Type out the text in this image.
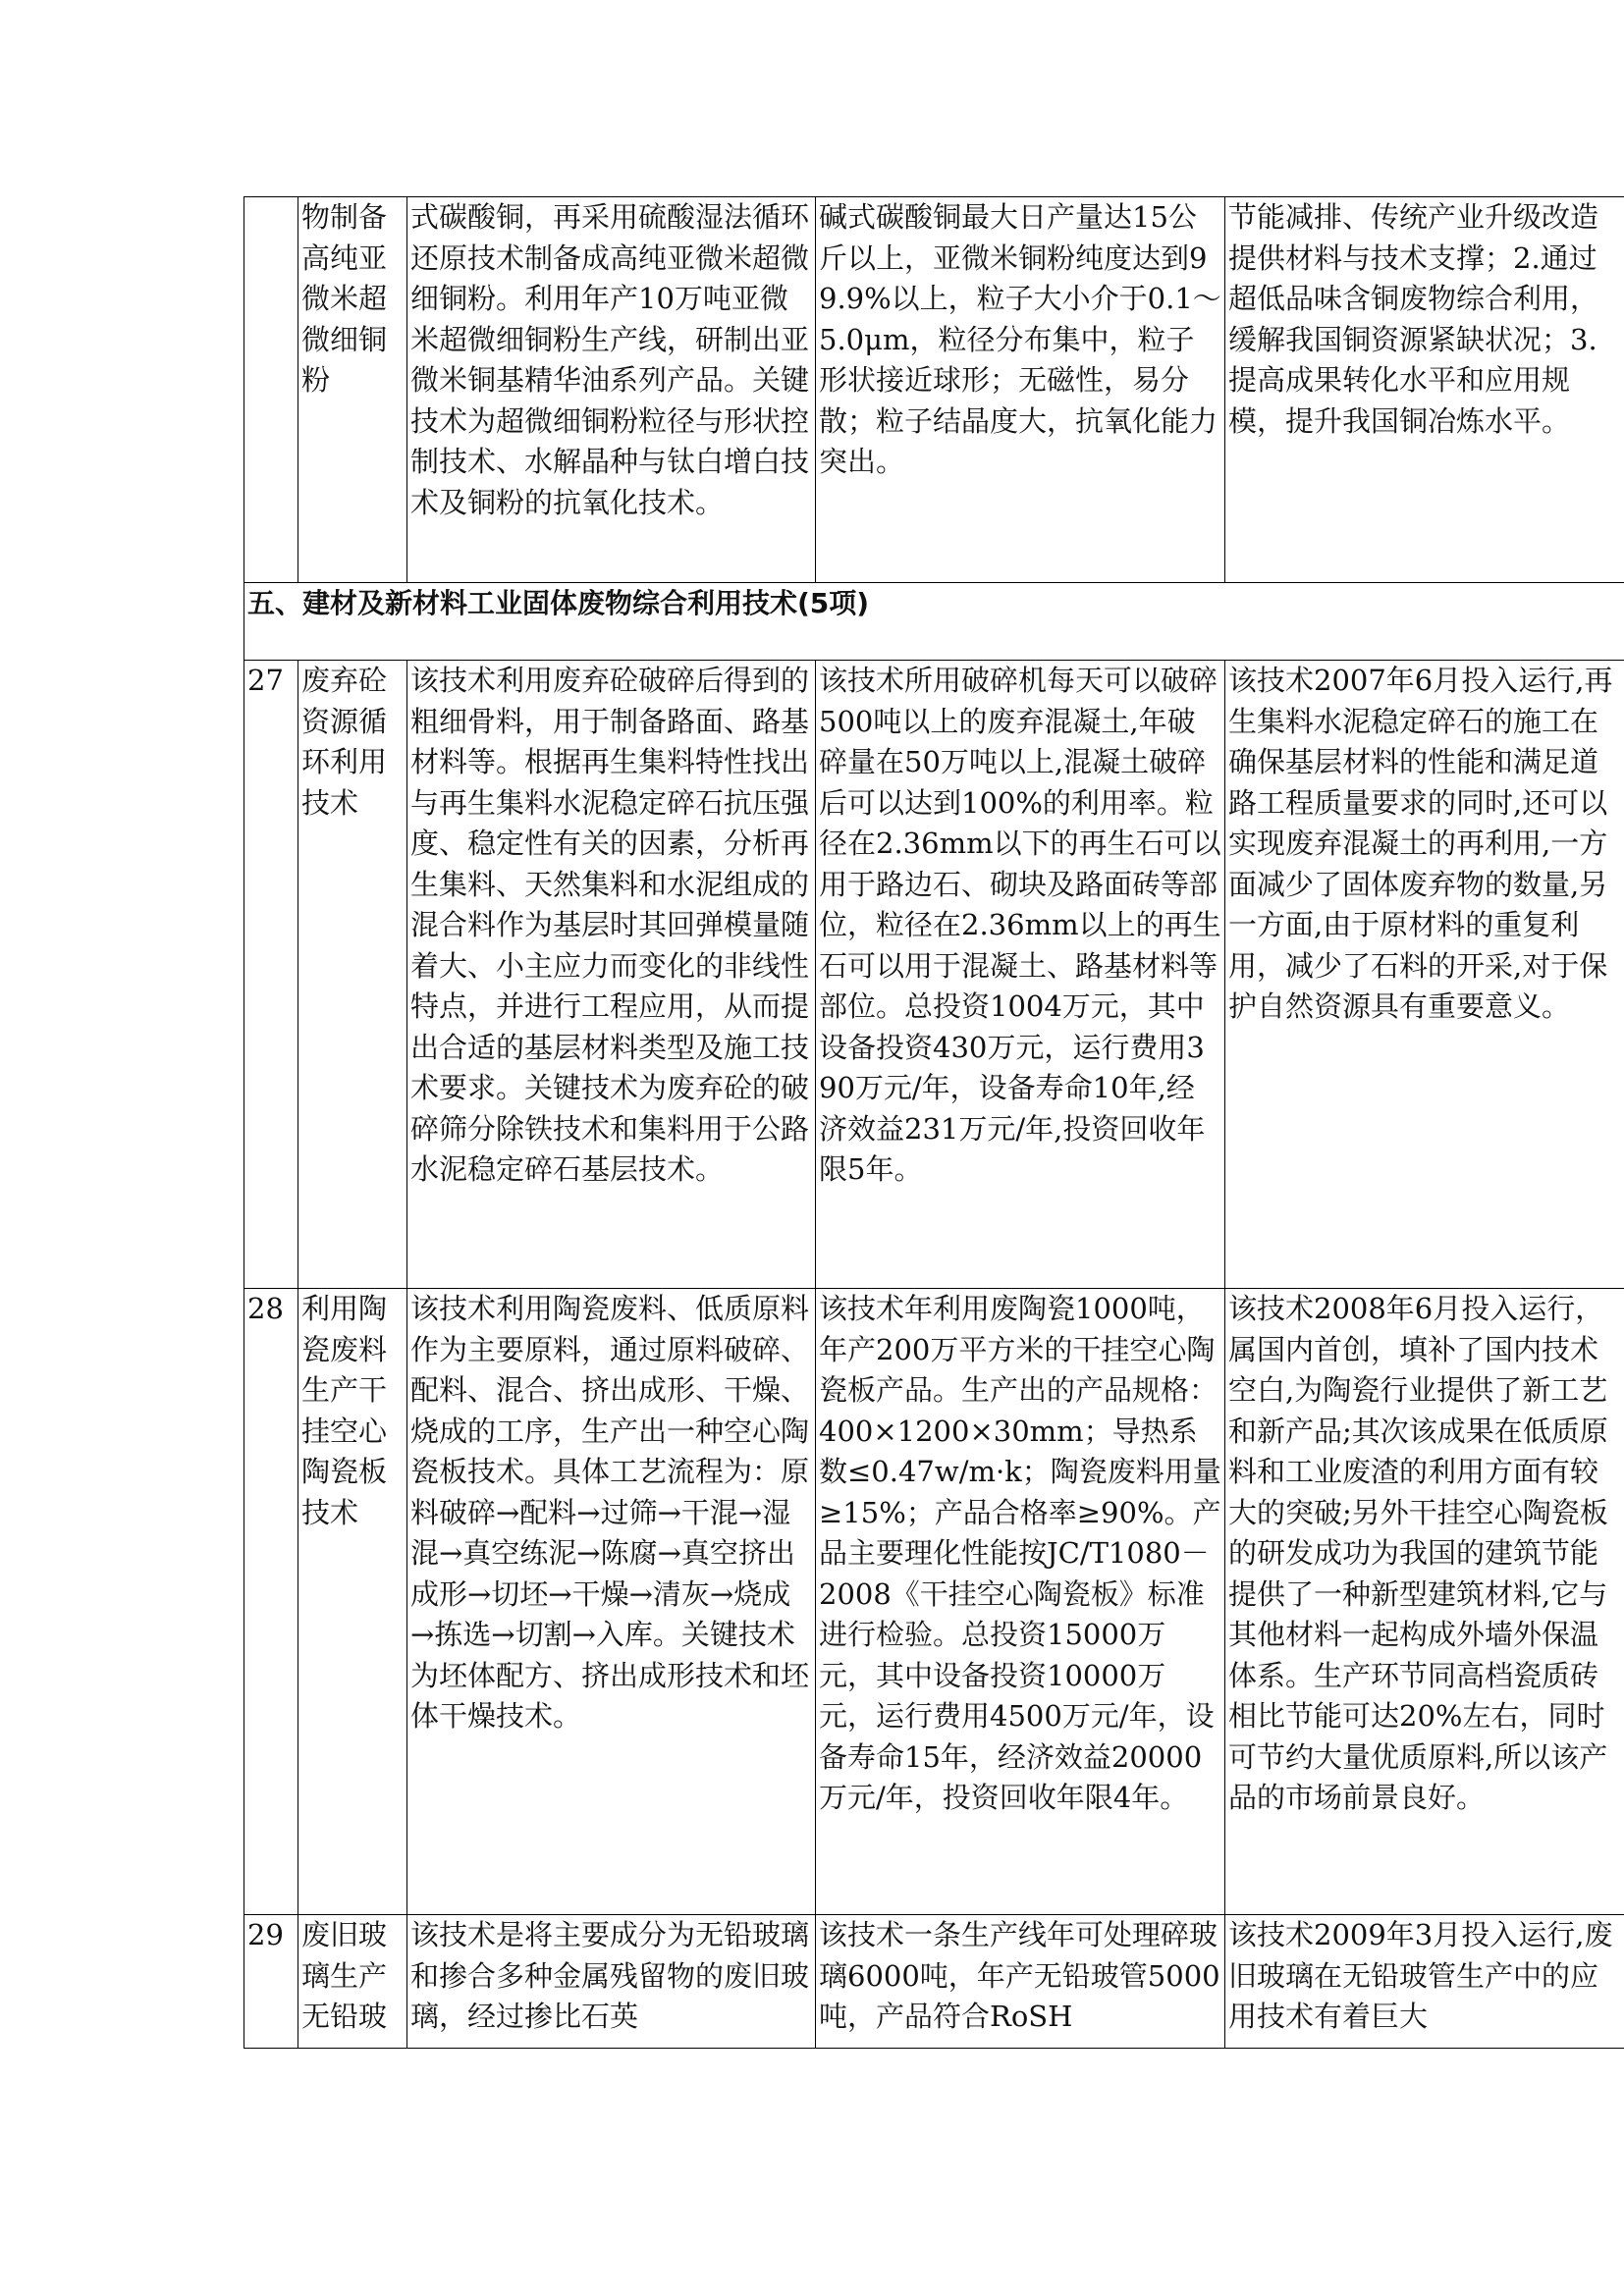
	物制备高纯亚微米超微细铜粉	式碳酸铜，再采用硫酸湿法循环还原技术制备成高纯亚微米超微细铜粉。利用年产10万吨亚微米超微细铜粉生产线，研制出亚微米铜基精华油系列产品。关键技术为超微细铜粉粒径与形状控制技术、水解晶种与钛白增白技术及铜粉的抗氧化技术。	碱式碳酸铜最大日产量达15公斤以上，亚微米铜粉纯度达到99.9%以上，粒子大小介于0.1～5.0μm，粒径分布集中，粒子形状接近球形；无磁性，易分散；粒子结晶度大，抗氧化能力突出。	节能减排、传统产业升级改造提供材料与技术支撑；2.通过超低品味含铜废物综合利用，缓解我国铜资源紧缺状况；3.提高成果转化水平和应用规模，提升我国铜冶炼水平。
五、建材及新材料工业固体废物综合利用技术(5项)				
27	废弃砼资源循环利用技术	该技术利用废弃砼破碎后得到的粗细骨料，用于制备路面、路基材料等。根据再生集料特性找出与再生集料水泥稳定碎石抗压强度、稳定性有关的因素，分析再生集料、天然集料和水泥组成的混合料作为基层时其回弹模量随着大、小主应力而变化的非线性特点，并进行工程应用，从而提出合适的基层材料类型及施工技术要求。关键技术为废弃砼的破碎筛分除铁技术和集料用于公路水泥稳定碎石基层技术。	该技术所用破碎机每天可以破碎500吨以上的废弃混凝土,年破碎量在50万吨以上,混凝土破碎后可以达到100%的利用率。粒径在2.36mm以下的再生石可以用于路边石、砌块及路面砖等部位，粒径在2.36mm以上的再生石可以用于混凝土、路基材料等部位。总投资1004万元，其中设备投资430万元，运行费用390万元/年，设备寿命10年,经济效益231万元/年,投资回收年限5年。	该技术2007年6月投入运行,再生集料水泥稳定碎石的施工在确保基层材料的性能和满足道路工程质量要求的同时,还可以实现废弃混凝土的再利用,一方面减少了固体废弃物的数量,另一方面,由于原材料的重复利用，减少了石料的开采,对于保护自然资源具有重要意义。
28	利用陶瓷废料生产干挂空心陶瓷板技术	该技术利用陶瓷废料、低质原料作为主要原料，通过原料破碎、配料、混合、挤出成形、干燥、烧成的工序，生产出一种空心陶瓷板技术。具体工艺流程为：原料破碎→配料→过筛→干混→湿混→真空练泥→陈腐→真空挤出成形→切坯→干燥→清灰→烧成→拣选→切割→入库。关键技术为坯体配方、挤出成形技术和坯体干燥技术。	该技术年利用废陶瓷1000吨，年产200万平方米的干挂空心陶瓷板产品。生产出的产品规格：400×1200×30mm；导热系数≤0.47w/m·k；陶瓷废料用量≥15%；产品合格率≥90%。产品主要理化性能按JC/T1080－2008《干挂空心陶瓷板》标准进行检验。总投资15000万元，其中设备投资10000万元，运行费用4500万元/年，设备寿命15年，经济效益20000万元/年，投资回收年限4年。	该技术2008年6月投入运行，属国内首创，填补了国内技术空白,为陶瓷行业提供了新工艺和新产品;其次该成果在低质原料和工业废渣的利用方面有较大的突破;另外干挂空心陶瓷板的研发成功为我国的建筑节能提供了一种新型建筑材料,它与其他材料一起构成外墙外保温体系。生产环节同高档瓷质砖相比节能可达20%左右，同时可节约大量优质原料,所以该产品的市场前景良好。
29	废旧玻璃生产无铅玻	该技术是将主要成分为无铅玻璃和掺合多种金属残留物的废旧玻璃，经过掺比石英	该技术一条生产线年可处理碎玻璃6000吨，年产无铅玻管5000吨，产品符合RoSH	该技术2009年3月投入运行,废旧玻璃在无铅玻管生产中的应用技术有着巨大
